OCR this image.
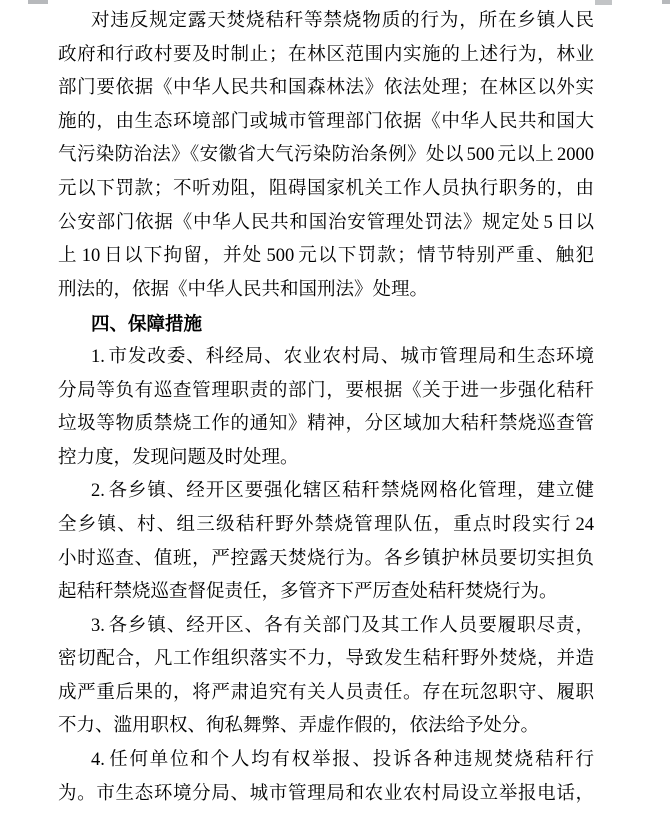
对违反规定露天焚烧秸秆等禁烧物质的行为，所在乡镇人民
政府和行政村要及时制止；在林区范围内实施的上述行为，林业
部门要依据《中华人民共和国森林法》依法处理；在林区以外实
施的，由生态环境部门或城市管理部门依据《中华人民共和国大
气污染防治法》《安徽省大气污染防治条例》处以 500 元以上 2000
元以下罚款；不听劝阻，阻碍国家机关工作人员执行职务的，由
公安部门依据《中华人民共和国治安管理处罚法》规定处 5 日以
上 10 日以下拘留，并处 500 元以下罚款；情节特别严重、触犯
刑法的，依据《中华人民共和国刑法》处理。
四、保障措施
1. 市发改委、科经局、农业农村局、城市管理局和生态环境
分局等负有巡查管理职责的部门，要根据《关于进一步强化秸秆
垃圾等物质禁烧工作的通知》精神，分区域加大秸秆禁烧巡查管
控力度，发现问题及时处理。
2. 各乡镇、经开区要强化辖区秸秆禁烧网格化管理，建立健
全乡镇、村、组三级秸秆野外禁烧管理队伍，重点时段实行 24
小时巡查、值班，严控露天焚烧行为。各乡镇护林员要切实担负
起秸秆禁烧巡查督促责任，多管齐下严厉查处秸秆焚烧行为。
3. 各乡镇、经开区、各有关部门及其工作人员要履职尽责，
密切配合，凡工作组织落实不力，导致发生秸秆野外焚烧，并造
成严重后果的，将严肃追究有关人员责任。存在玩忽职守、履职
不力、滥用职权、徇私舞弊、弄虚作假的，依法给予处分。
4. 任何单位和个人均有权举报、投诉各种违规焚烧秸秆行
为。市生态环境分局、城市管理局和农业农村局设立举报电话，
